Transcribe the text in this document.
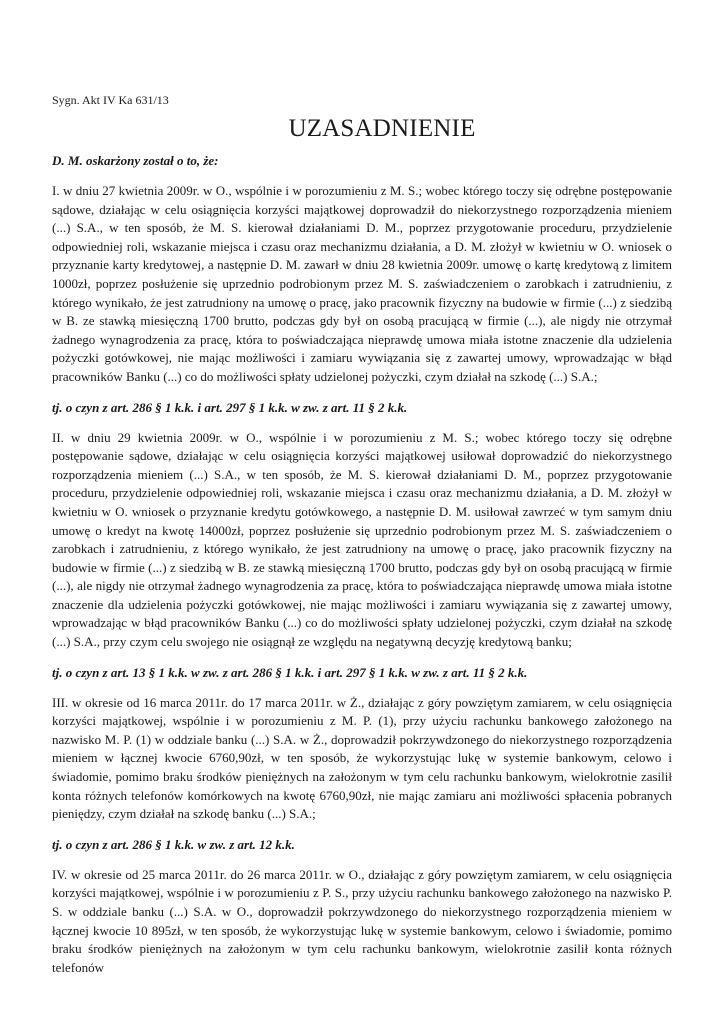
Sygn. Akt IV Ka 631/13
UZASADNIENIE
D. M. oskarżony został o to, że:
I. w dniu 27 kwietnia 2009r. w O., wspólnie i w porozumieniu z M. S.; wobec którego toczy się odrębne postępowanie sądowe, działając w celu osiągnięcia korzyści majątkowej doprowadził do niekorzystnego rozporządzenia mieniem (...) S.A., w ten sposób, że M. S. kierował działaniami D. M., poprzez przygotowanie proceduru, przydzielenie odpowiedniej roli, wskazanie miejsca i czasu oraz mechanizmu działania, a D. M. złożył w kwietniu w O. wniosek o przyznanie karty kredytowej, a następnie D. M. zawarł w dniu 28 kwietnia 2009r. umowę o kartę kredytową z limitem 1000zł, poprzez posłużenie się uprzednio podrobionym przez M. S. zaświadczeniem o zarobkach i zatrudnieniu, z którego wynikało, że jest zatrudniony na umowę o pracę, jako pracownik fizyczny na budowie w firmie (...) z siedzibą w B. ze stawką miesięczną 1700 brutto, podczas gdy był on osobą pracującą w firmie (...), ale nigdy nie otrzymał żadnego wynagrodzenia za pracę, która to poświadczająca nieprawdę umowa miała istotne znaczenie dla udzielenia pożyczki gotówkowej, nie mając możliwości i zamiaru wywiązania się z zawartej umowy, wprowadzając w błąd pracowników Banku (...) co do możliwości spłaty udzielonej pożyczki, czym działał na szkodę (...) S.A.;
tj. o czyn z art. 286 § 1 k.k. i art. 297 § 1 k.k. w zw. z art. 11 § 2 k.k.
II. w dniu 29 kwietnia 2009r. w O., wspólnie i w porozumieniu z M. S.; wobec którego toczy się odrębne postępowanie sądowe, działając w celu osiągnięcia korzyści majątkowej usiłował doprowadzić do niekorzystnego rozporządzenia mieniem (...) S.A., w ten sposób, że M. S. kierował działaniami D. M., poprzez przygotowanie proceduru, przydzielenie odpowiedniej roli, wskazanie miejsca i czasu oraz mechanizmu działania, a D. M. złożył w kwietniu w O. wniosek o przyznanie kredytu gotówkowego, a następnie D. M. usiłował zawrzeć w tym samym dniu umowę o kredyt na kwotę 14000zł, poprzez posłużenie się uprzednio podrobionym przez M. S. zaświadczeniem o zarobkach i zatrudnieniu, z którego wynikało, że jest zatrudniony na umowę o pracę, jako pracownik fizyczny na budowie w firmie (...) z siedzibą w B. ze stawką miesięczną 1700 brutto, podczas gdy był on osobą pracującą w firmie (...), ale nigdy nie otrzymał żadnego wynagrodzenia za pracę, która to poświadczająca nieprawdę umowa miała istotne znaczenie dla udzielenia pożyczki gotówkowej, nie mając możliwości i zamiaru wywiązania się z zawartej umowy, wprowadzając w błąd pracowników Banku (...) co do możliwości spłaty udzielonej pożyczki, czym działał na szkodę (...) S.A., przy czym celu swojego nie osiągnął ze względu na negatywną decyzję kredytową banku;
tj. o czyn z art. 13 § 1 k.k. w zw. z art. 286 § 1 k.k. i art. 297 § 1 k.k. w zw. z art. 11 § 2 k.k.
III. w okresie od 16 marca 2011r. do 17 marca 2011r. w Ż., działając z góry powziętym zamiarem, w celu osiągnięcia korzyści majątkowej, wspólnie i w porozumieniu z M. P. (1), przy użyciu rachunku bankowego założonego na nazwisko M. P. (1) w oddziale banku (...) S.A. w Ż., doprowadził pokrzywdzonego do niekorzystnego rozporządzenia mieniem w łącznej kwocie 6760,90zł, w ten sposób, że wykorzystując lukę w systemie bankowym, celowo i świadomie, pomimo braku środków pieniężnych na założonym w tym celu rachunku bankowym, wielokrotnie zasilił konta różnych telefonów komórkowych na kwotę 6760,90zł, nie mając zamiaru ani możliwości spłacenia pobranych pieniędzy, czym działał na szkodę banku (...) S.A.;
tj. o czyn z art. 286 § 1 k.k. w zw. z art. 12 k.k.
IV. w okresie od 25 marca 2011r. do 26 marca 2011r. w O., działając z góry powziętym zamiarem, w celu osiągnięcia korzyści majątkowej, wspólnie i w porozumieniu z P. S., przy użyciu rachunku bankowego założonego na nazwisko P. S. w oddziale banku (...) S.A. w O., doprowadził pokrzywdzonego do niekorzystnego rozporządzenia mieniem w łącznej kwocie 10 895zł, w ten sposób, że wykorzystując lukę w systemie bankowym, celowo i świadomie, pomimo braku środków pieniężnych na założonym w tym celu rachunku bankowym, wielokrotnie zasilił konta różnych telefonów
